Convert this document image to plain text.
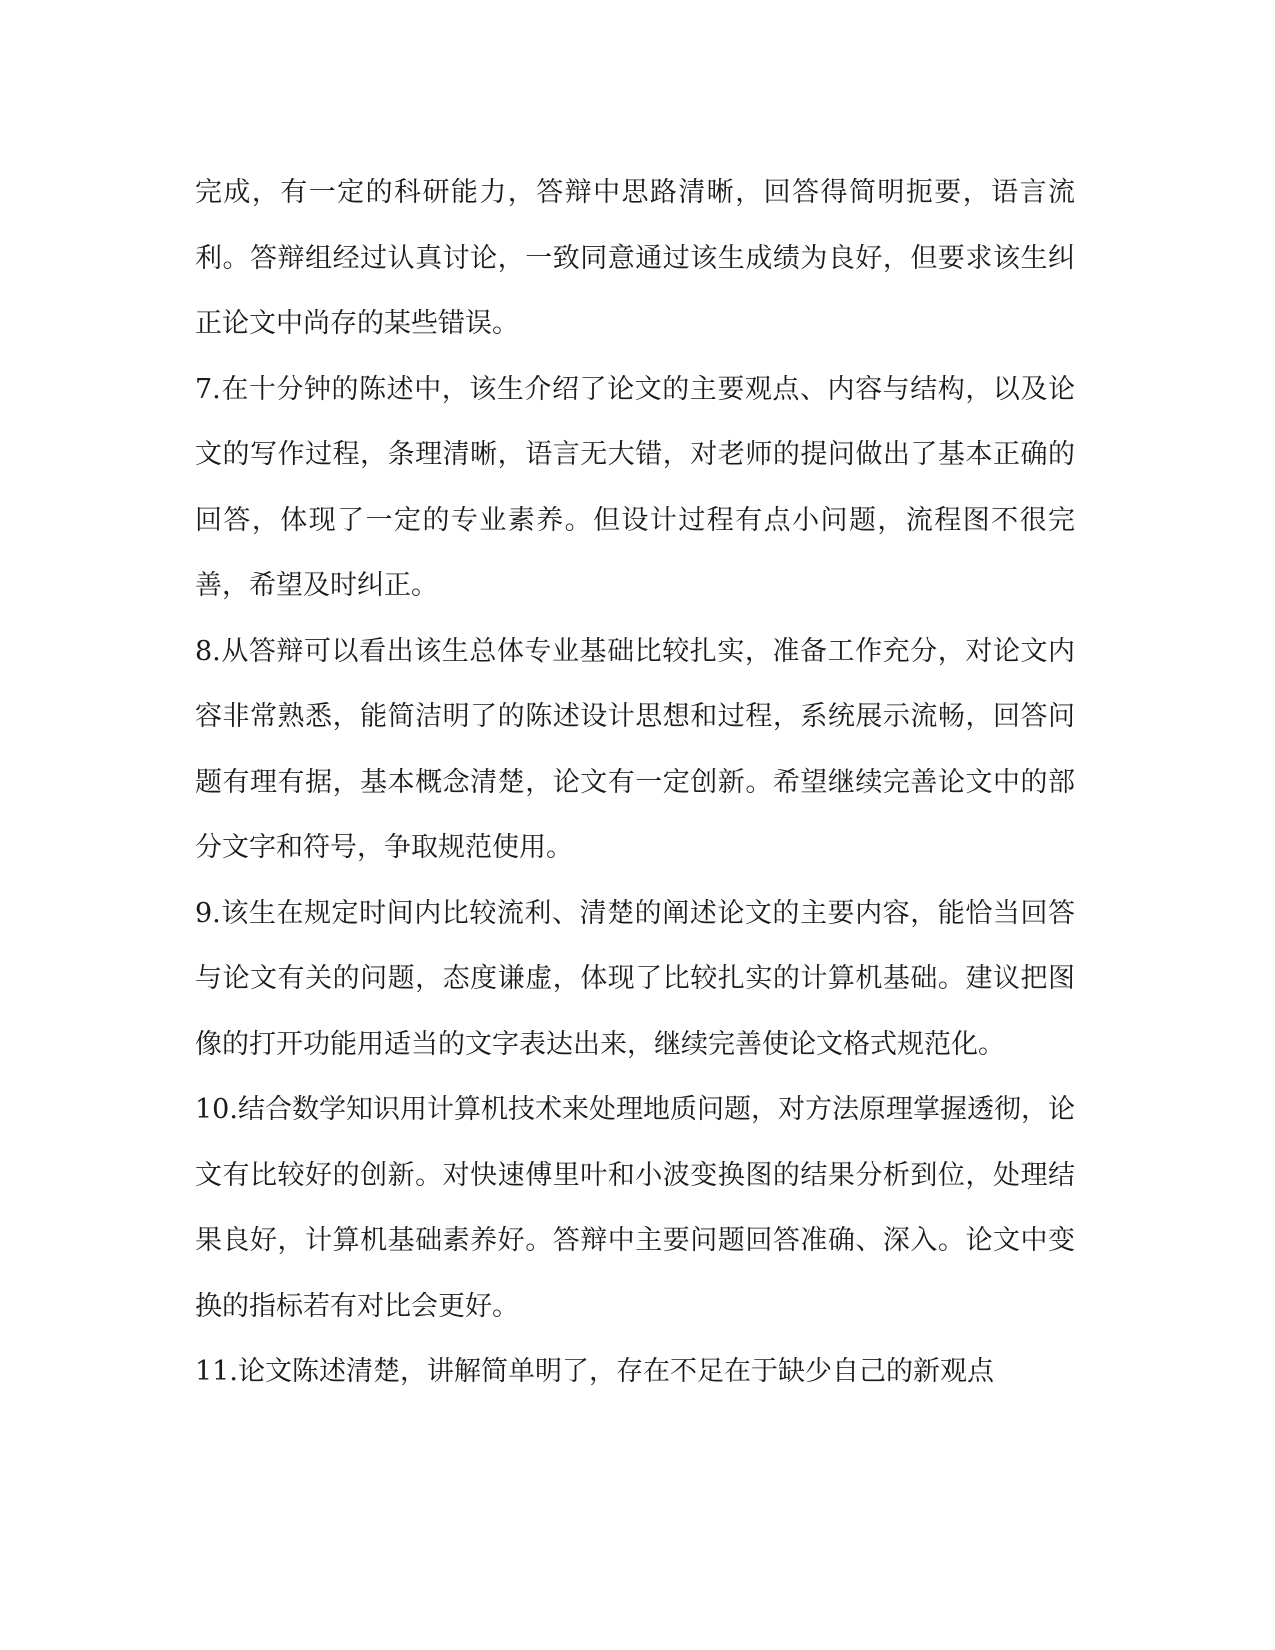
完成，有一定的科研能力，答辩中思路清晰，回答得简明扼要，语言流利。答辩组经过认真讨论，一致同意通过该生成绩为良好，但要求该生纠正论文中尚存的某些错误。

7.在十分钟的陈述中，该生介绍了论文的主要观点、内容与结构，以及论文的写作过程，条理清晰，语言无大错，对老师的提问做出了基本正确的回答，体现了一定的专业素养。但设计过程有点小问题，流程图不很完善，希望及时纠正。

8.从答辩可以看出该生总体专业基础比较扎实，准备工作充分，对论文内容非常熟悉，能简洁明了的陈述设计思想和过程，系统展示流畅，回答问题有理有据，基本概念清楚，论文有一定创新。希望继续完善论文中的部分文字和符号，争取规范使用。

9.该生在规定时间内比较流利、清楚的阐述论文的主要内容，能恰当回答与论文有关的问题，态度谦虚，体现了比较扎实的计算机基础。建议把图像的打开功能用适当的文字表达出来，继续完善使论文格式规范化。

10.结合数学知识用计算机技术来处理地质问题，对方法原理掌握透彻，论文有比较好的创新。对快速傅里叶和小波变换图的结果分析到位，处理结果良好，计算机基础素养好。答辩中主要问题回答准确、深入。论文中变换的指标若有对比会更好。

11.论文陈述清楚，讲解简单明了，存在不足在于缺少自己的新观点
